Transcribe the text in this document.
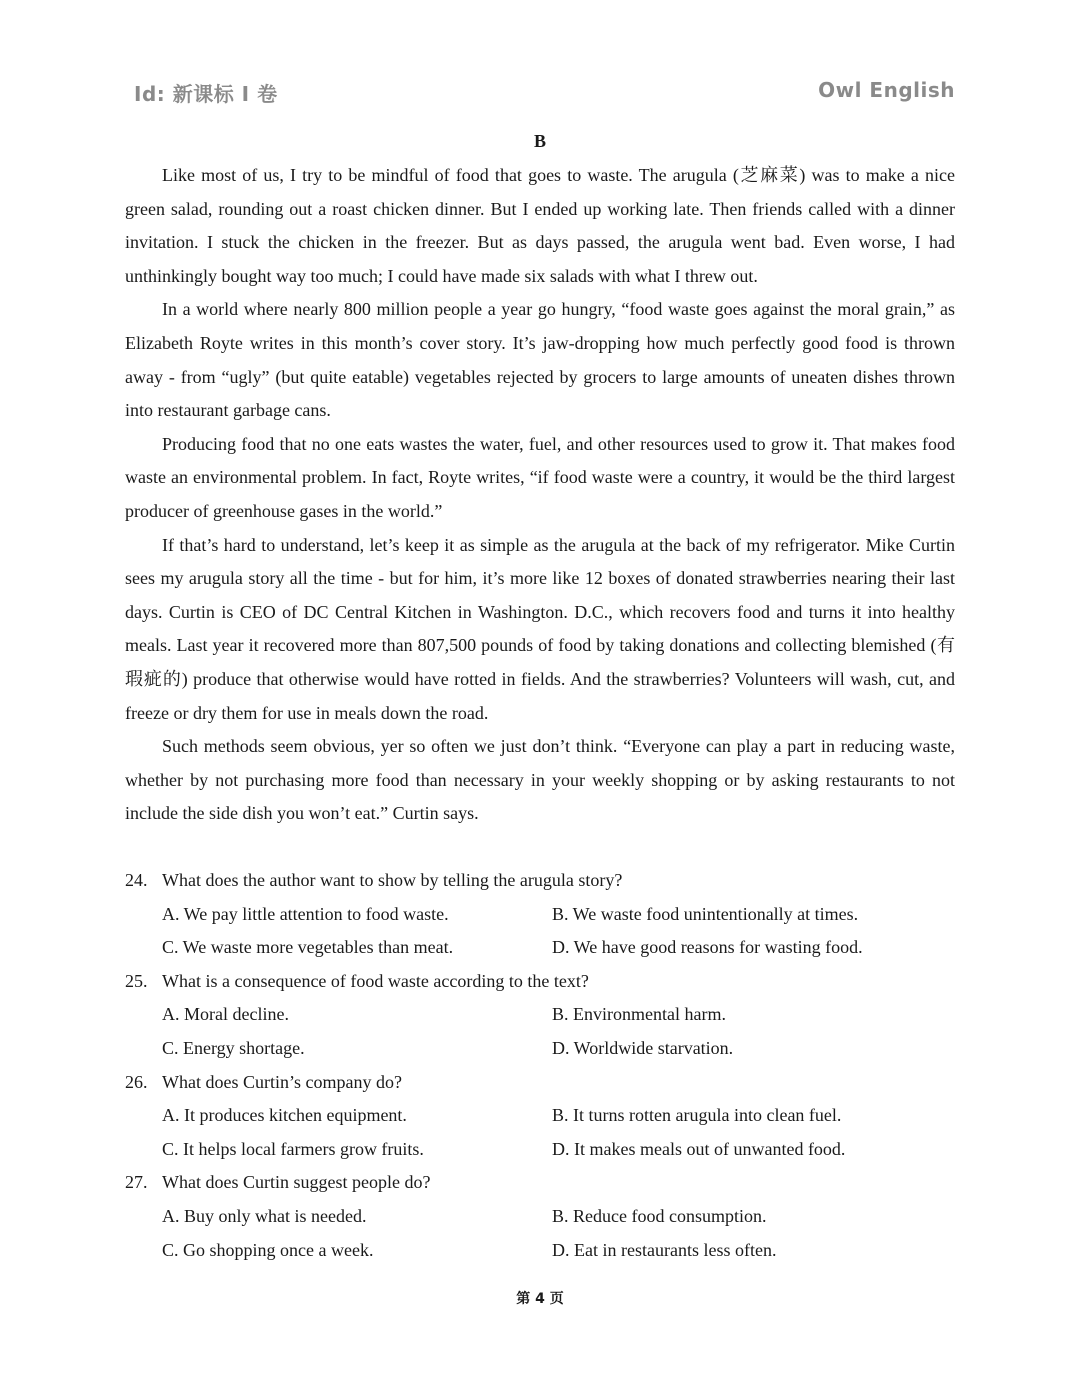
Id: 新课标 I 卷	Owl English
B

Like most of us, I try to be mindful of food that goes to waste. The arugula (芝麻菜) was to make a nice green salad, rounding out a roast chicken dinner. But I ended up working late. Then friends called with a dinner invitation. I stuck the chicken in the freezer. But as days passed, the arugula went bad. Even worse, I had unthinkingly bought way too much; I could have made six salads with what I threw out.

In a world where nearly 800 million people a year go hungry, “food waste goes against the moral grain,” as Elizabeth Royte writes in this month’s cover story. It’s jaw-dropping how much perfectly good food is thrown away - from “ugly” (but quite eatable) vegetables rejected by grocers to large amounts of uneaten dishes thrown into restaurant garbage cans.

Producing food that no one eats wastes the water, fuel, and other resources used to grow it. That makes food waste an environmental problem. In fact, Royte writes, “if food waste were a country, it would be the third largest producer of greenhouse gases in the world.”

If that’s hard to understand, let’s keep it as simple as the arugula at the back of my refrigerator. Mike Curtin sees my arugula story all the time - but for him, it’s more like 12 boxes of donated strawberries nearing their last days. Curtin is CEO of DC Central Kitchen in Washington. D.C., which recovers food and turns it into healthy meals. Last year it recovered more than 807,500 pounds of food by taking donations and collecting blemished (有瑕疵的) produce that otherwise would have rotted in fields. And the strawberries? Volunteers will wash, cut, and freeze or dry them for use in meals down the road.

Such methods seem obvious, yer so often we just don’t think. “Everyone can play a part in reducing waste, whether by not purchasing more food than necessary in your weekly shopping or by asking restaurants to not include the side dish you won’t eat.” Curtin says.

24. What does the author want to show by telling the arugula story?
A. We pay little attention to food waste.	B. We waste food unintentionally at times.
C. We waste more vegetables than meat.	D. We have good reasons for wasting food.
25. What is a consequence of food waste according to the text?
A. Moral decline.	B. Environmental harm.
C. Energy shortage.	D. Worldwide starvation.
26. What does Curtin’s company do?
A. It produces kitchen equipment.	B. It turns rotten arugula into clean fuel.
C. It helps local farmers grow fruits.	D. It makes meals out of unwanted food.
27. What does Curtin suggest people do?
A. Buy only what is needed.	B. Reduce food consumption.
C. Go shopping once a week.	D. Eat in restaurants less often.
第 4 页
